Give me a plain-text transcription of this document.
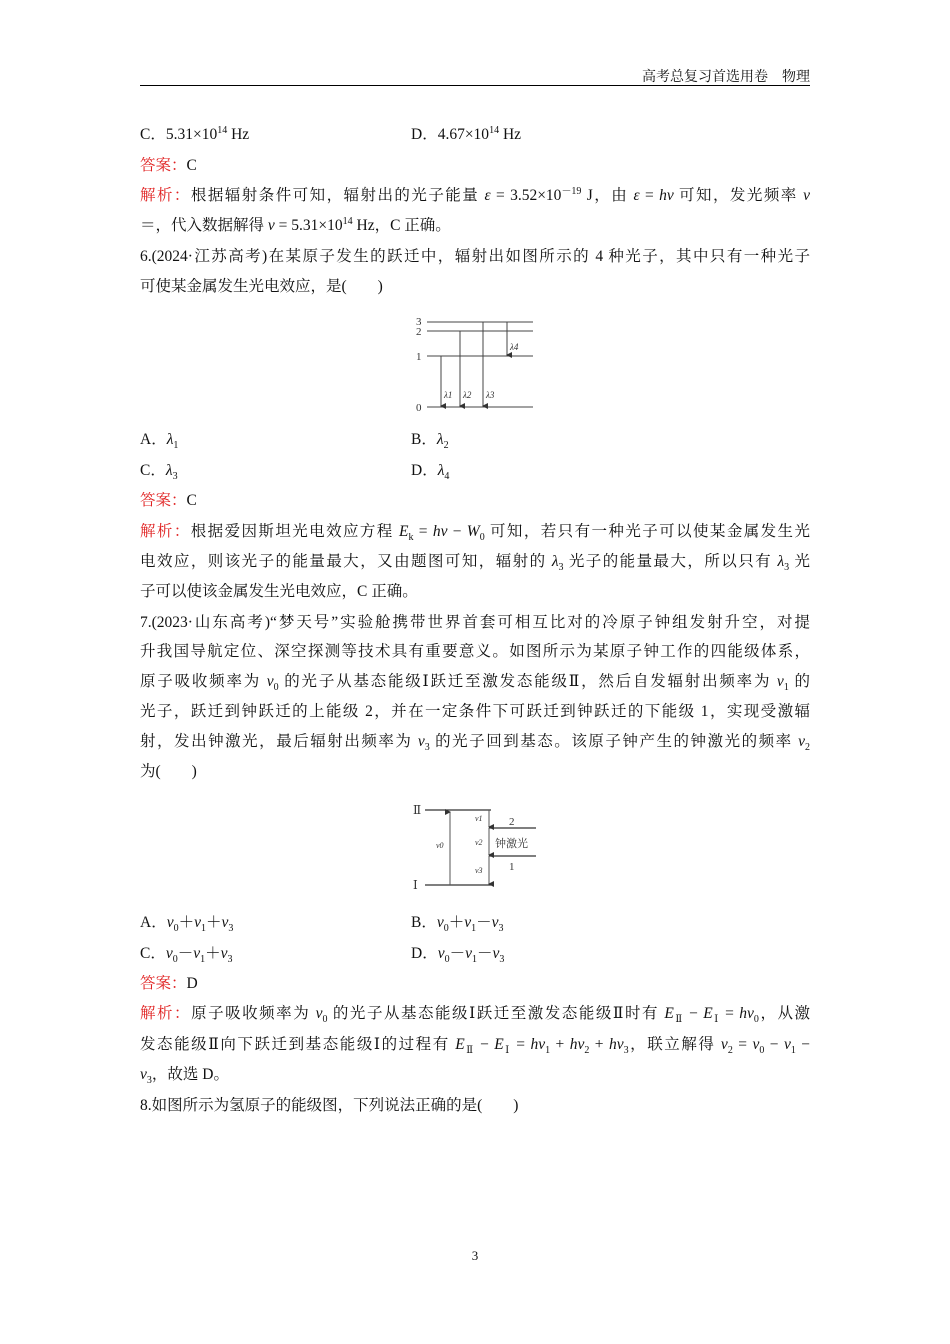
高考总复习首选用卷　物理
C．$5.31\times 10^{14}$ Hz	D．$4.67\times 10^{14}$ Hz
答案：C
解析：根据辐射条件可知，辐射出的光子能量 $\varepsilon = 3.52\times 10^{-19}$ J，由 ε = hν 可知，发光频率 ν
＝，代入数据解得 $\nu = 5.31\times 10^{14}$ Hz，C 正确。
6.(2024·江苏高考)在某原子发生的跃迁中，辐射出如图所示的 4 种光子，其中只有一种光子
可使某金属发生光电效应，是(　　)
A．$\lambda_1$	B．$\lambda_2$
C．$\lambda_3$	D．$\lambda_4$
答案：C
解析：根据爱因斯坦光电效应方程 $E_k = h\nu - W_0$ 可知，若只有一种光子可以使某金属发生光
电效应，则该光子的能量最大，又由题图可知，辐射的 $\lambda_3$ 光子的能量最大，所以只有 $\lambda_3$ 光
子可以使该金属发生光电效应，C 正确。
7.(2023·山东高考)“梦天号”实验舱携带世界首套可相互比对的冷原子钟组发射升空，对提
升我国导航定位、深空探测等技术具有重要意义。如图所示为某原子钟工作的四能级体系，
原子吸收频率为 $\nu_0$ 的光子从基态能级Ⅰ跃迁至激发态能级Ⅱ，然后自发辐射出频率为 $\nu_1$ 的
光子，跃迁到钟跃迁的上能级 2，并在一定条件下可跃迁到钟跃迁的下能级 1，实现受激辐
射，发出钟激光，最后辐射出频率为 $\nu_3$ 的光子回到基态。该原子钟产生的钟激光的频率 $\nu_2$
为(　　)
A．$\nu_0+\nu_1+\nu_3$	B．$\nu_0+\nu_1-\nu_3$
C．$\nu_0-\nu_1+\nu_3$	D．$\nu_0-\nu_1-\nu_3$
答案：D
解析：原子吸收频率为 $\nu_0$ 的光子从基态能级Ⅰ跃迁至激发态能级Ⅱ时有 $E_Ⅱ - E_Ⅰ = h\nu_0$，从激
发态能级Ⅱ向下跃迁到基态能级Ⅰ的过程有 $E_Ⅱ - E_Ⅰ = h\nu_1 + h\nu_2 + h\nu_3$，联立解得 $\nu_2 = \nu_0 - \nu_1$ −
$\nu_3$，故选 D。
8.如图所示为氢原子的能级图，下列说法正确的是(　　)
0
1
2
3
λ1 λ2 λ3
λ4
Ⅱ
Ⅰ
ν0
ν1
ν2
ν3
2
1
钟激光
3
